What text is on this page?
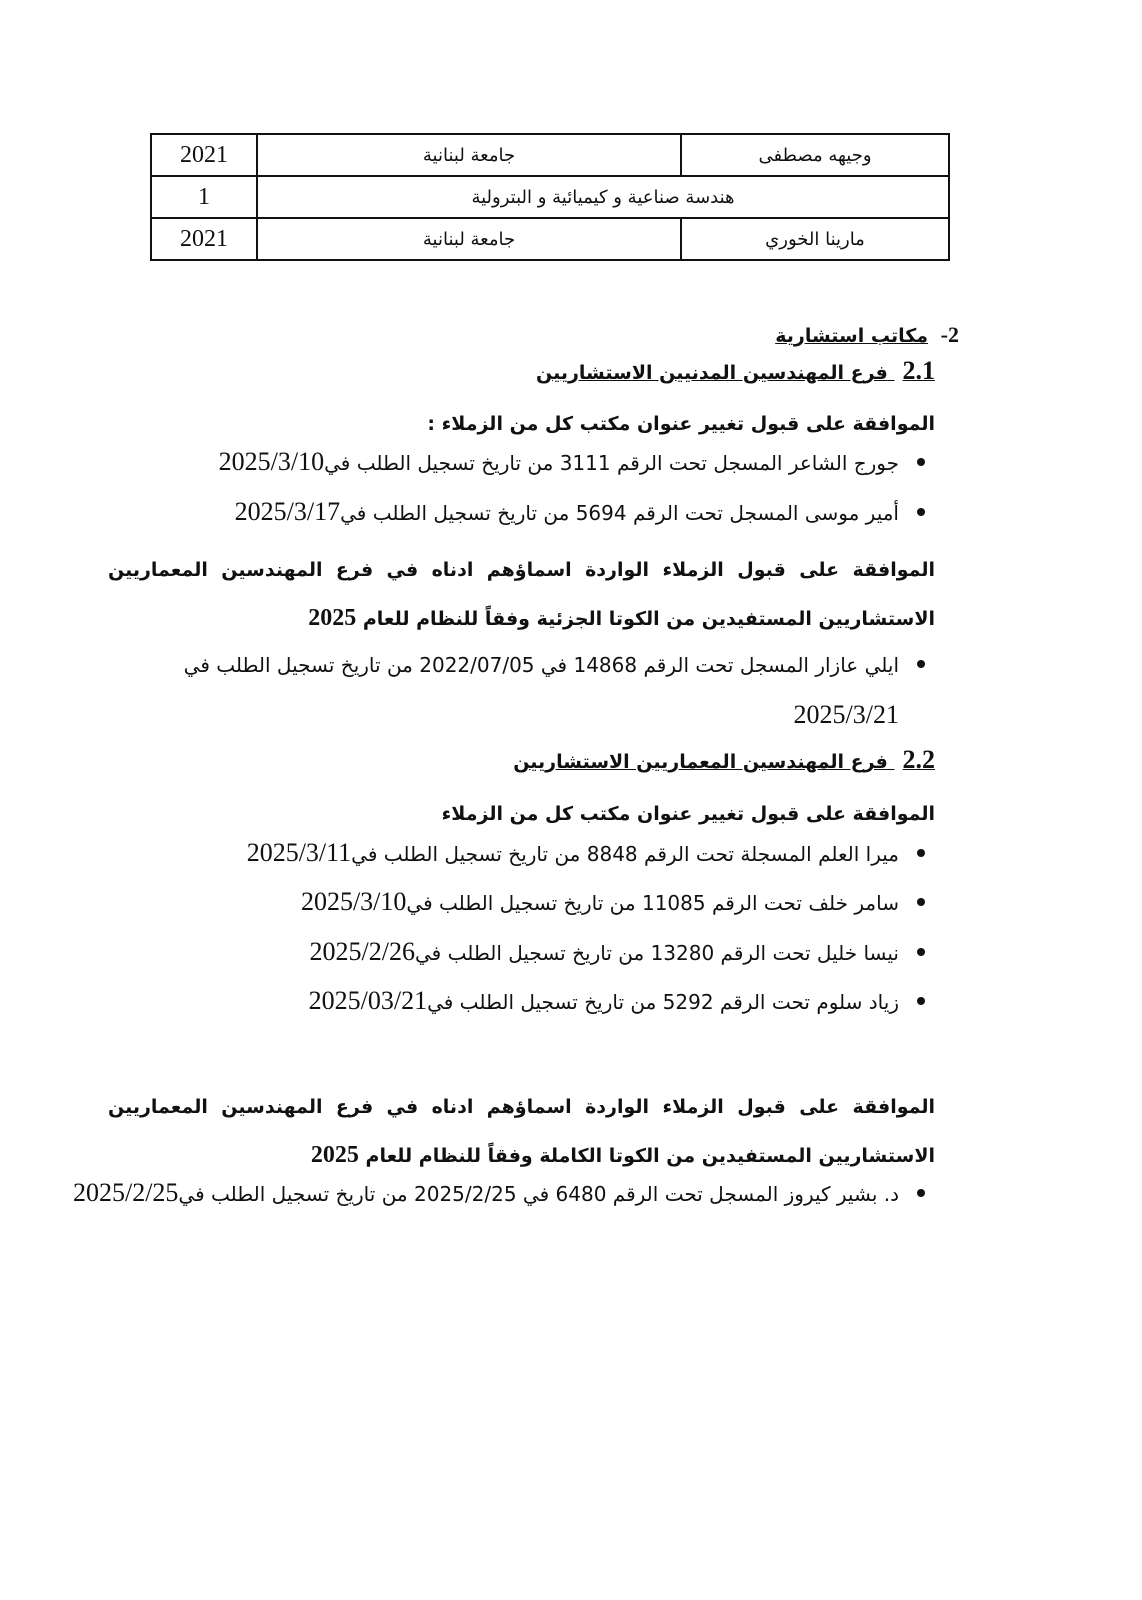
وجيهه مصطفى	جامعة لبنانية	2021
هندسة صناعية و كيميائية و البترولية		1
مارينا الخوري	جامعة لبنانية	2021
2- مكاتب استشارية
2.1 فرع المهندسين المدنيين الاستشاريين
الموافقة على قبول تغيير عنوان مكتب كل من الزملاء :
جورج الشاعر المسجل تحت الرقم 3111 من تاريخ تسجيل الطلب في
2025/3/10
أمير موسى المسجل تحت الرقم 5694 من تاريخ تسجيل الطلب في
2025/3/17
الموافقة على قبول الزملاء الواردة اسماؤهم ادناه في فرع المهندسين المعماريين الاستشاريين المستفيدين من الكوتا الجزئية وفقاً للنظام للعام 2025
ايلي عازار المسجل تحت الرقم 14868 في 2022/07/05 من تاريخ تسجيل الطلب في
2025/3/21
2.2 فرع المهندسين المعماريين الاستشاريين
الموافقة على قبول تغيير عنوان مكتب كل من الزملاء
ميرا العلم المسجلة تحت الرقم 8848 من تاريخ تسجيل الطلب في
2025/3/11
سامر خلف تحت الرقم 11085 من تاريخ تسجيل الطلب في
2025/3/10
نيسا خليل تحت الرقم 13280 من تاريخ تسجيل الطلب في
2025/2/26
زياد سلوم تحت الرقم 5292 من تاريخ تسجيل الطلب في
2025/03/21
الموافقة على قبول الزملاء الواردة اسماؤهم ادناه في فرع المهندسين المعماريين الاستشاريين المستفيدين من الكوتا الكاملة وفقاً للنظام للعام 2025
د. بشير كيروز المسجل تحت الرقم 6480 في 2025/2/25 من تاريخ تسجيل الطلب في
2025/2/25
